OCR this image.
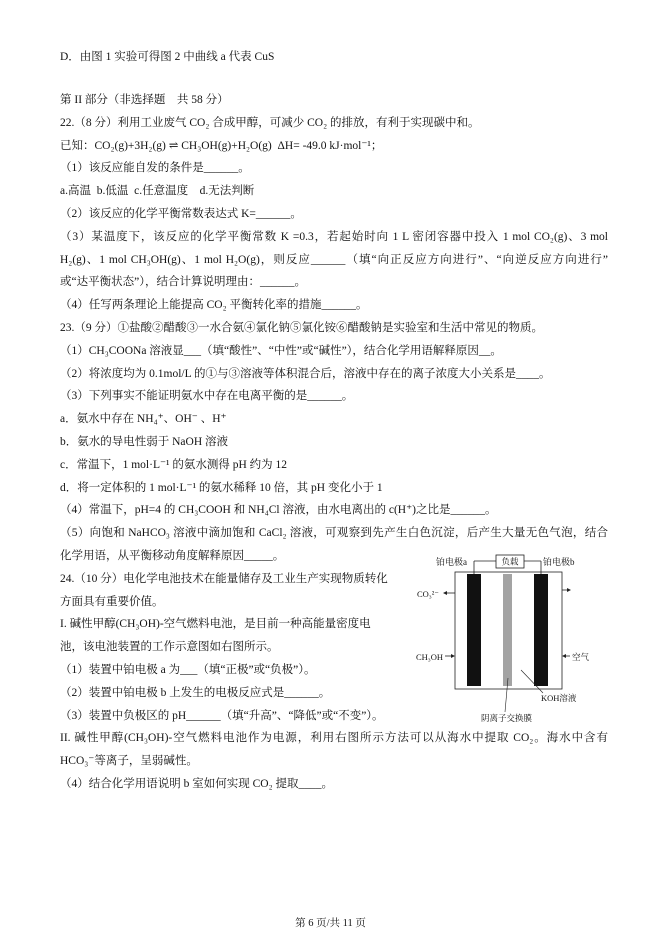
D．由图 1 实验可得图 2 中曲线 a 代表 CuS
第 II 部分（非选择题　共 58 分）
22.（8 分）利用工业废气 CO₂ 合成甲醇，可减少 CO₂ 的排放，有利于实现碳中和。
已知：CO₂(g)+3H₂(g) ⇌ CH₃OH(g)+H₂O(g)  ΔH= -49.0 kJ·mol⁻¹；
（1）该反应能自发的条件是______。
a.高温  b.低温  c.任意温度    d.无法判断
（2）该反应的化学平衡常数表达式 K=______。
（3）某温度下，该反应的化学平衡常数 K =0.3，若起始时向 1 L 密闭容器中投入 1 mol CO₂(g)、3 mol
H₂(g)、1 mol CH₃OH(g)、1 mol H₂O(g)，则反应______（填“向正反应方向进行”、“向逆反应方向进行”
或“达平衡状态”），结合计算说明理由：______。
（4）任写两条理论上能提高 CO₂ 平衡转化率的措施______。
23.（9 分）①盐酸②醋酸③一水合氨④氯化钠⑤氯化铵⑥醋酸钠是实验室和生活中常见的物质。
（1）CH₃COONa 溶液显___（填“酸性”、“中性”或“碱性”），结合化学用语解释原因__。
（2）将浓度均为 0.1mol/L 的①与③溶液等体积混合后，溶液中存在的离子浓度大小关系是____。
（3）下列事实不能证明氨水中存在电离平衡的是______。
a．氨水中存在 NH₄⁺、OH⁻ 、H⁺
b．氨水的导电性弱于 NaOH 溶液
c．常温下，1 mol·L⁻¹ 的氨水测得 pH 约为 12
d．将一定体积的 1 mol·L⁻¹ 的氨水稀释 10 倍，其 pH 变化小于 1
（4）常温下，pH=4 的 CH₃COOH 和 NH₄Cl 溶液，由水电离出的 c(H⁺)之比是______。
（5）向饱和 NaHCO₃ 溶液中滴加饱和 CaCl₂ 溶液，可观察到先产生白色沉淀，后产生大量无色气泡，结合
化学用语，从平衡移动角度解释原因_____。
24.（10 分）电化学电池技术在能量储存及工业生产实现物质转化
方面具有重要价值。
I. 碱性甲醇(CH₃OH)-空气燃料电池，是目前一种高能量密度电
池，该电池装置的工作示意图如右图所示。
（1）装置中铂电极 a 为___（填“正极”或“负极”）。
（2）装置中铂电极 b 上发生的电极反应式是______。
（3）装置中负极区的 pH______（填“升高”、“降低”或“不变”）。
II. 碱性甲醇(CH₃OH)-空气燃料电池作为电源，利用右图所示方法可以从海水中提取 CO₂。海水中含有
HCO₃⁻等离子，呈弱碱性。
（4）结合化学用语说明 b 室如何实现 CO₂ 提取____。
铂电极a	负载	铂电极b
CO₃²⁻
CH₃OH	空气
KOH溶液
阴离子交换膜
第 6 页/共 11 页
